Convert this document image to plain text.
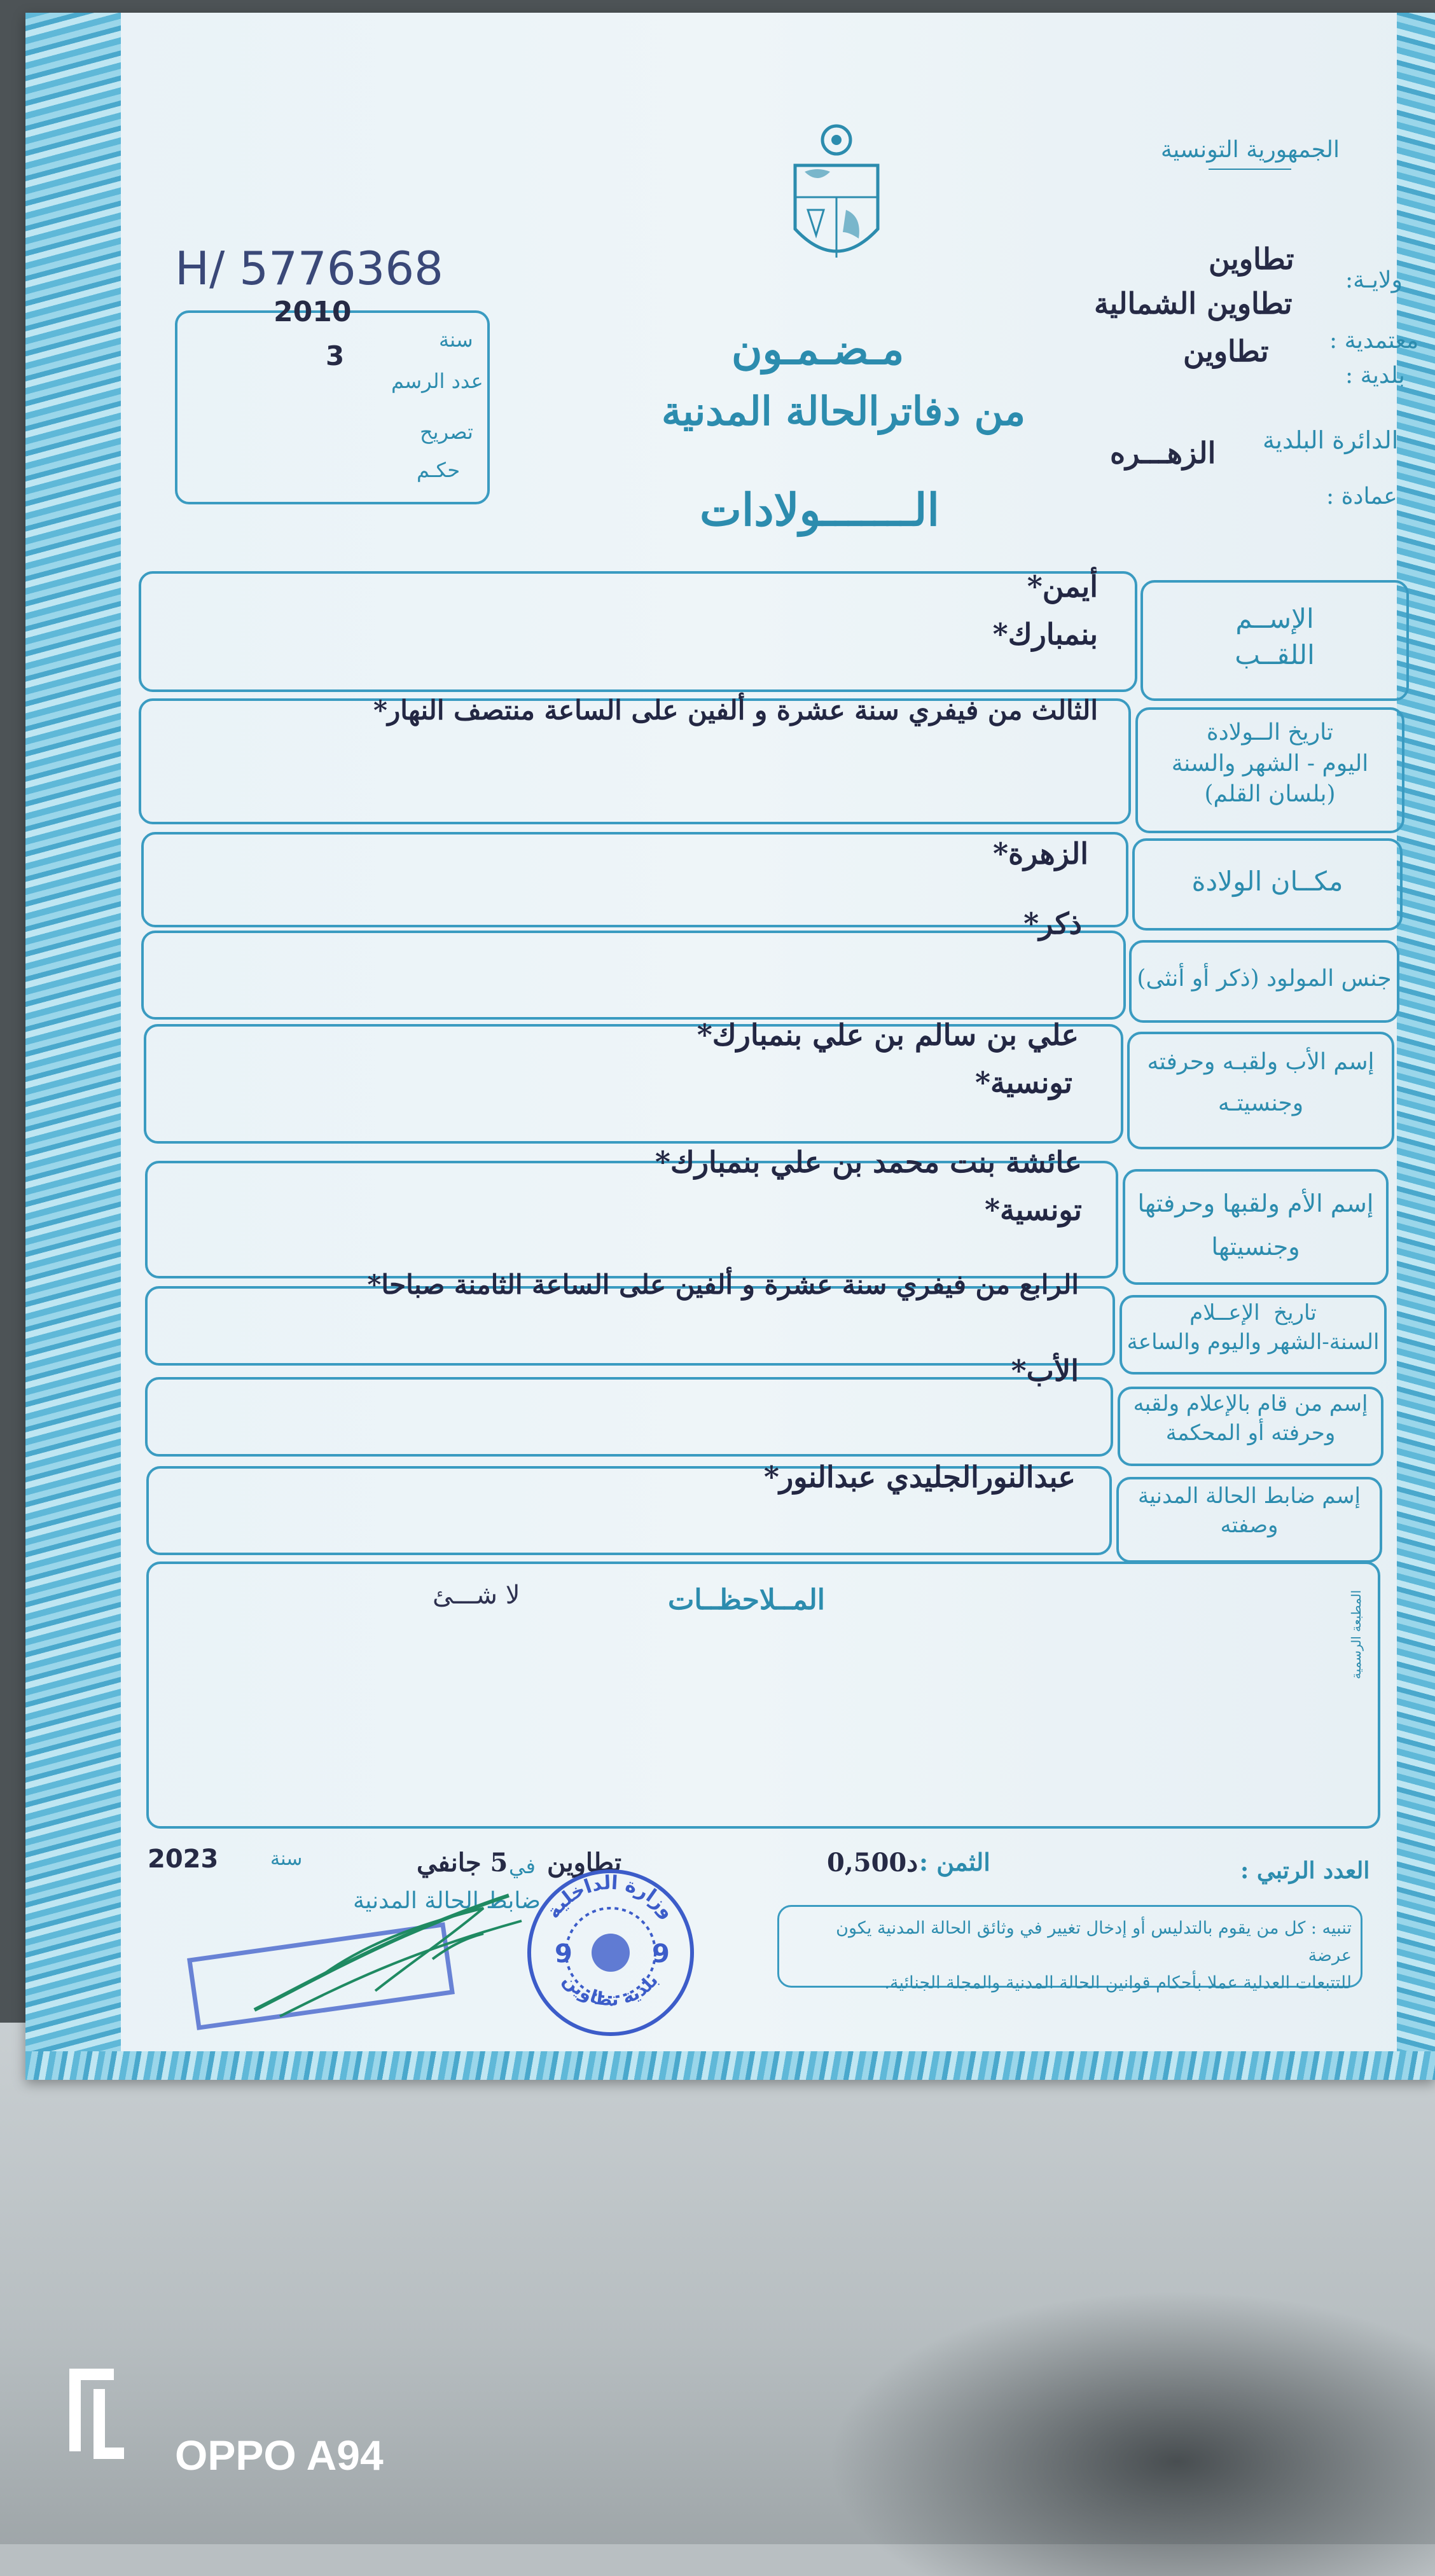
الجمهورية التونسية
ولايـة:
تطاوين
معتمدية :
تطاوين الشمالية
بلدية :
تطاوين
الدائرة البلدية
الزهـــره
عمادة :
H/ 5776368
2010
سنة
3
عدد الرسم
تصريح
حكـم
مـضـمـون
من دفاترالحالة المدنية
الـــــــولادات
الإســم
اللقــب
أيمن*
بنمبارك*
تاريخ الــولادة
اليوم - الشهر والسنة
(بلسان القلم)
الثالث من فيفري سنة عشرة و ألفين على الساعة منتصف النهار*
مكــان الولادة
الزهرة*
جنس المولود (ذكر أو أنثى)
ذكر*
إسم الأب ولقبـه وحرفته
وجنسيتـه
علي بن سالم بن علي بنمبارك*
تونسية*
إسم الأم ولقبها وحرفتها
وجنسيتها
عائشة بنت محمد بن علي بنمبارك*
تونسية*
تاريخ  الإعــلام
السنة-الشهر واليوم والساعة
الرابع من فيفري سنة عشرة و ألفين على الساعة الثامنة صباحا*
إسم من قام بالإعلام ولقبه
وحرفته أو المحكمة
الأب*
إسم ضابط الحالة المدنية
وصفته
عبدالنورالجليدي عبدالنور*
المــلاحظــات
لا شـــئ	المطبعة الرسمية
العدد الرتبي :
الثمن :
0,500د
تطاوين
في
5 جانفي
سنة
2023
ضابط الحالة المدنية
تنبيه : كل من يقوم بالتدليس أو إدخال تغيير في وثائق الحالة المدنية يكون عرضة
للتتبعات العدلية عملا بأحكام قوانين الحالة المدنية والمجلة الجنائية.
وزارة الداخلية
بلدية تطاوين
9	9
OPPO A94
